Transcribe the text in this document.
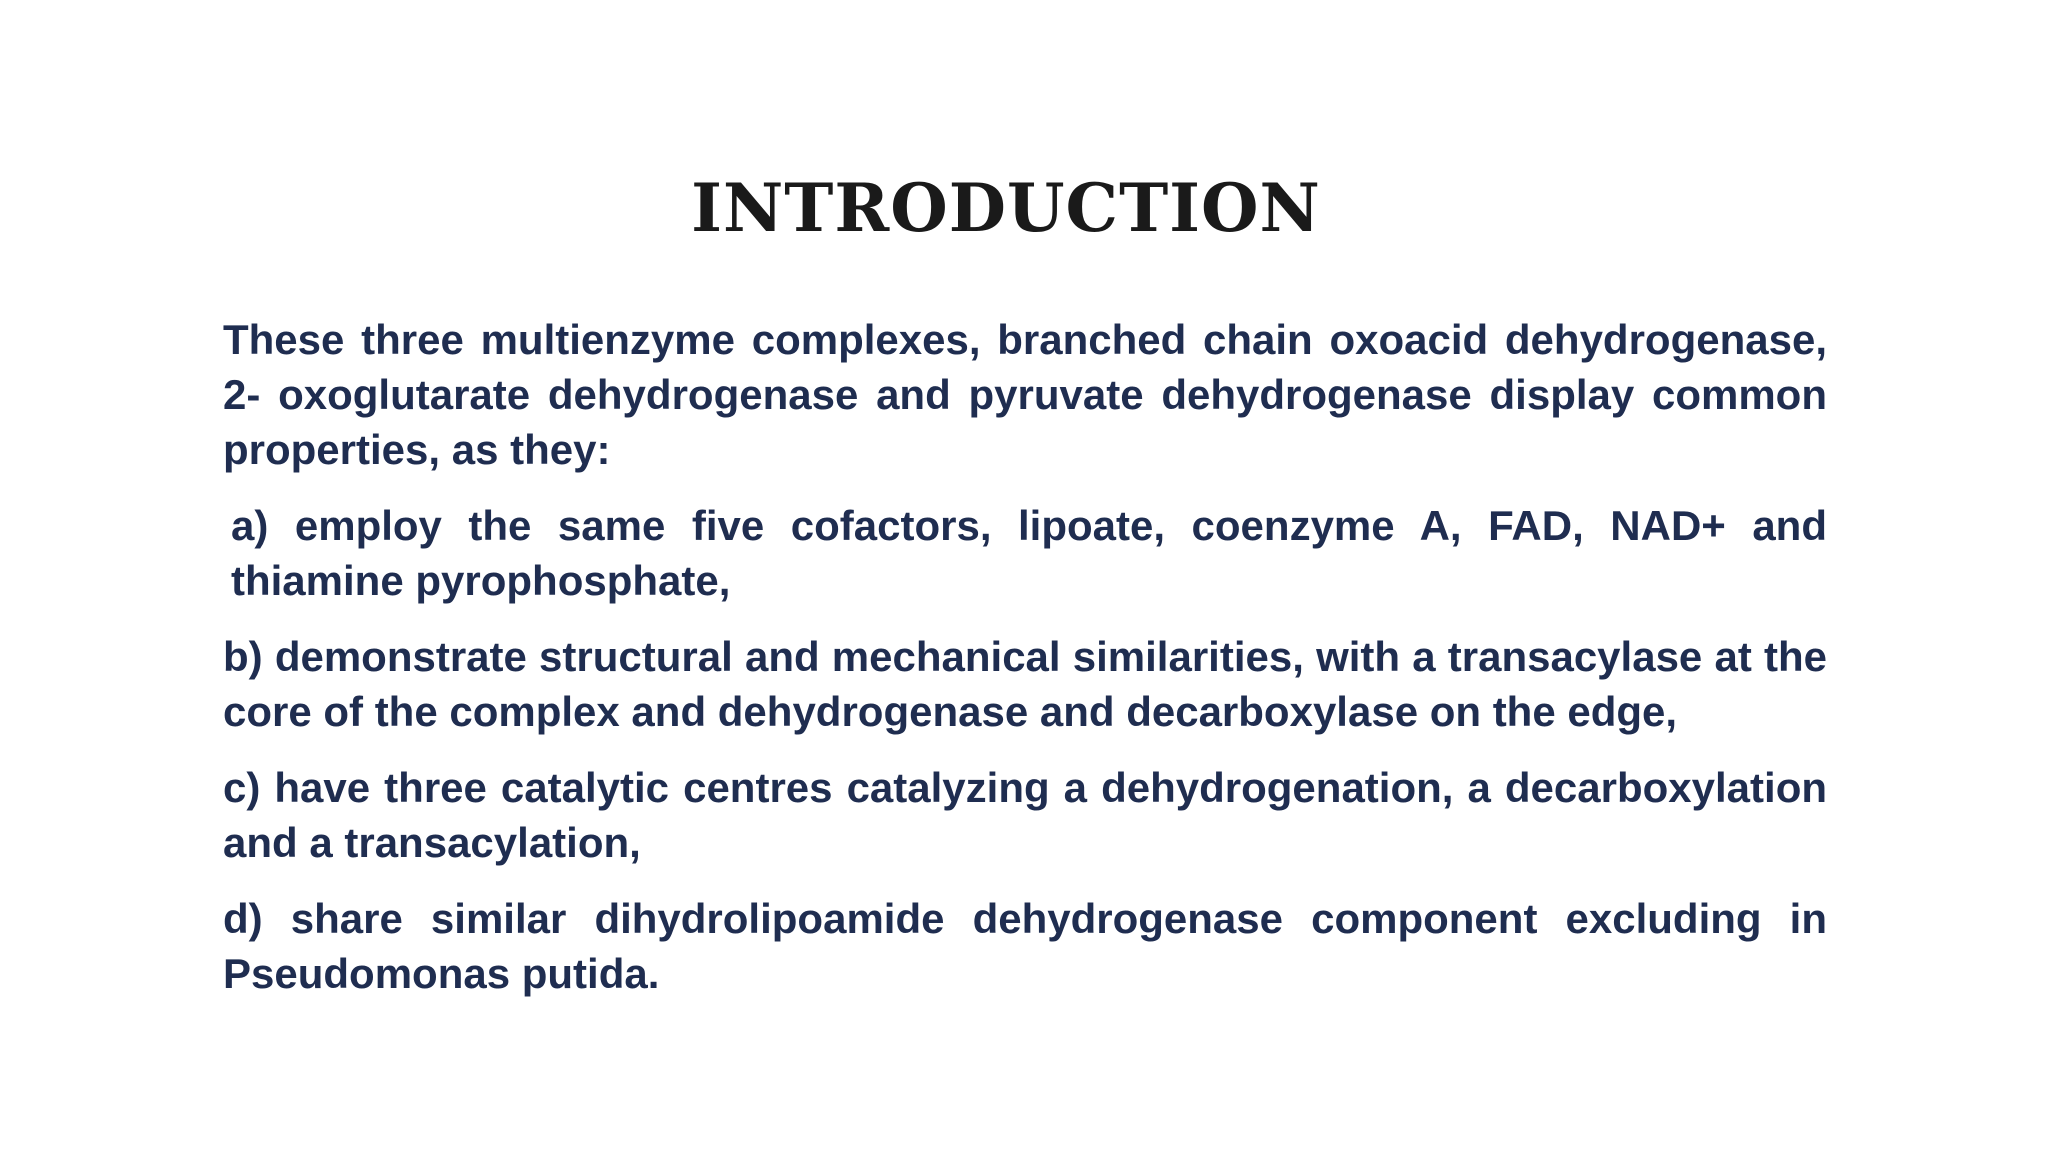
INTRODUCTION

These three multienzyme complexes, branched chain oxoacid dehydrogenase, 2- oxoglutarate dehydrogenase and pyruvate dehydrogenase display common properties, as they:

a) employ the same five cofactors, lipoate, coenzyme A, FAD, NAD+ and thiamine pyrophosphate,

b) demonstrate structural and mechanical similarities, with a transacylase at the core of the complex and dehydrogenase and decarboxylase on the edge,

c) have three catalytic centres catalyzing a dehydrogenation, a decarboxylation and a transacylation,

d) share similar dihydrolipoamide dehydrogenase component excluding in Pseudomonas putida.
